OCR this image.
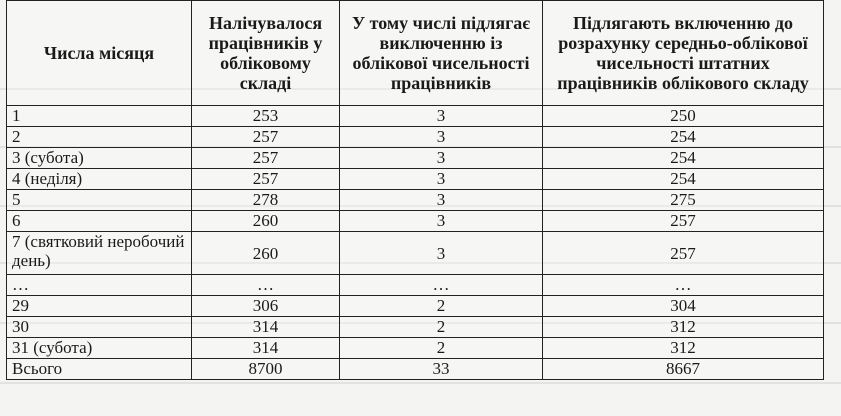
Числа місяця	Налічувалося працівників у обліковому складі	У тому числі підлягає виключенню із облікової чисельності працівників	Підлягають включенню до розрахунку середньо-облікової чисельності штатних працівників облікового складу
1	253	3	250
2	257	3	254
3 (субота)	257	3	254
4 (неділя)	257	3	254
5	278	3	275
6	260	3	257
7 (святковий неробочий день)	260	3	257
…	…	…	…
29	306	2	304
30	314	2	312
31 (субота)	314	2	312
Всього	8700	33	8667
